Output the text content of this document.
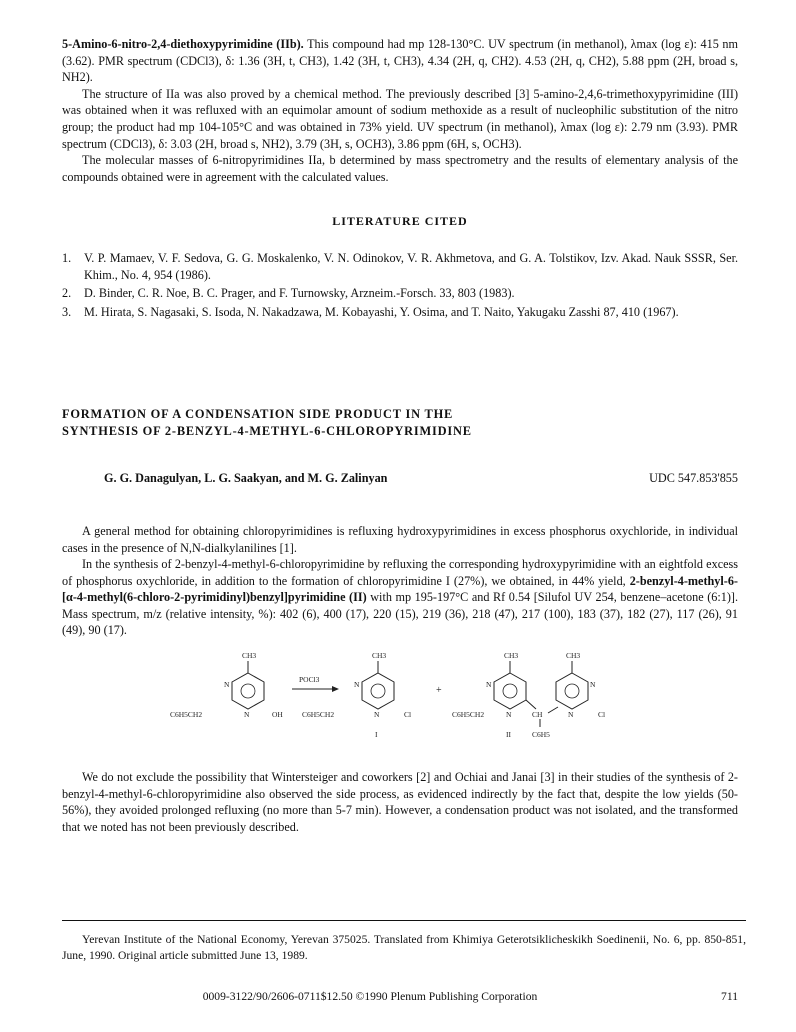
5-Amino-6-nitro-2,4-diethoxypyrimidine (IIb). This compound had mp 128-130°C. UV spectrum (in methanol), λmax (log ε): 415 nm (3.62). PMR spectrum (CDCl3), δ: 1.36 (3H, t, CH3), 1.42 (3H, t, CH3), 4.34 (2H, q, CH2). 4.53 (2H, q, CH2), 5.88 ppm (2H, broad s, NH2).

The structure of IIa was also proved by a chemical method. The previously described [3] 5-amino-2,4,6-trimethoxypyrimidine (III) was obtained when it was refluxed with an equimolar amount of sodium methoxide as a result of nucleophilic substitution of the nitro group; the product had mp 104-105°C and was obtained in 73% yield. UV spectrum (in methanol), λmax (log ε): 2.79 nm (3.93). PMR spectrum (CDCl3), δ: 3.03 (2H, broad s, NH2), 3.79 (3H, s, OCH3), 3.86 ppm (6H, s, OCH3).

The molecular masses of 6-nitropyrimidines IIa, b determined by mass spectrometry and the results of elementary analysis of the compounds obtained were in agreement with the calculated values.

LITERATURE CITED
1.	V. P. Mamaev, V. F. Sedova, G. G. Moskalenko, V. N. Odinokov, V. R. Akhmetova, and G. A. Tolstikov, Izv. Akad. Nauk SSSR, Ser. Khim., No. 4, 954 (1986).
2.	D. Binder, C. R. Noe, B. C. Prager, and F. Turnowsky, Arzneim.-Forsch. 33, 803 (1983).
3.	M. Hirata, S. Nagasaki, S. Isoda, N. Nakadzawa, M. Kobayashi, Y. Osima, and T. Naito, Yakugaku Zasshi 87, 410 (1967).
FORMATION OF A CONDENSATION SIDE PRODUCT IN THE
SYNTHESIS OF 2-BENZYL-4-METHYL-6-CHLOROPYRIMIDINE
G. G. Danagulyan, L. G. Saakyan, and M. G. Zalinyan	UDC 547.853'855

A general method for obtaining chloropyrimidines is refluxing hydroxypyrimidines in excess phosphorus oxychloride, in individual cases in the presence of N,N-dialkylanilines [1].

In the synthesis of 2-benzyl-4-methyl-6-chloropyrimidine by refluxing the corresponding hydroxypyrimidine with an eightfold excess of phosphorus oxychloride, in addition to the formation of chloropyrimidine I (27%), we obtained, in 44% yield, 2-benzyl-4-methyl-6-[α-4-methyl(6-chloro-2-pyrimidinyl)benzyl]pyrimidine (II) with mp 195-197°C and Rf 0.54 [Silufol UV 254, benzene–acetone (6:1)]. Mass spectrum, m/z (relative intensity, %): 402 (6), 400 (17), 220 (15), 219 (36), 218 (47), 217 (100), 183 (37), 182 (27), 117 (26), 91 (49), 90 (17).

CH3
N
N
C6H5CH2	OH
POCl3
CH3
N
N
C6H5CH2	Cl
I
+
CH3
N
N
C6H5CH2	CH
C6H5
CH3
N
N	Cl
II

We do not exclude the possibility that Wintersteiger and coworkers [2] and Ochiai and Janai [3] in their studies of the synthesis of 2-benzyl-4-methyl-6-chloropyrimidine also observed the side process, as evidenced indirectly by the fact that, despite the low yields (50-56%), they avoided prolonged refluxing (no more than 5-7 min). However, a condensation product was not isolated, and the transformed that we noted has not been previously described.

Yerevan Institute of the National Economy, Yerevan 375025. Translated from Khimiya Geterotsiklicheskikh Soedinenii, No. 6, pp. 850-851, June, 1990. Original article submitted June 13, 1989.

0009-3122/90/2606-0711$12.50 ©1990 Plenum Publishing Corporation	711
